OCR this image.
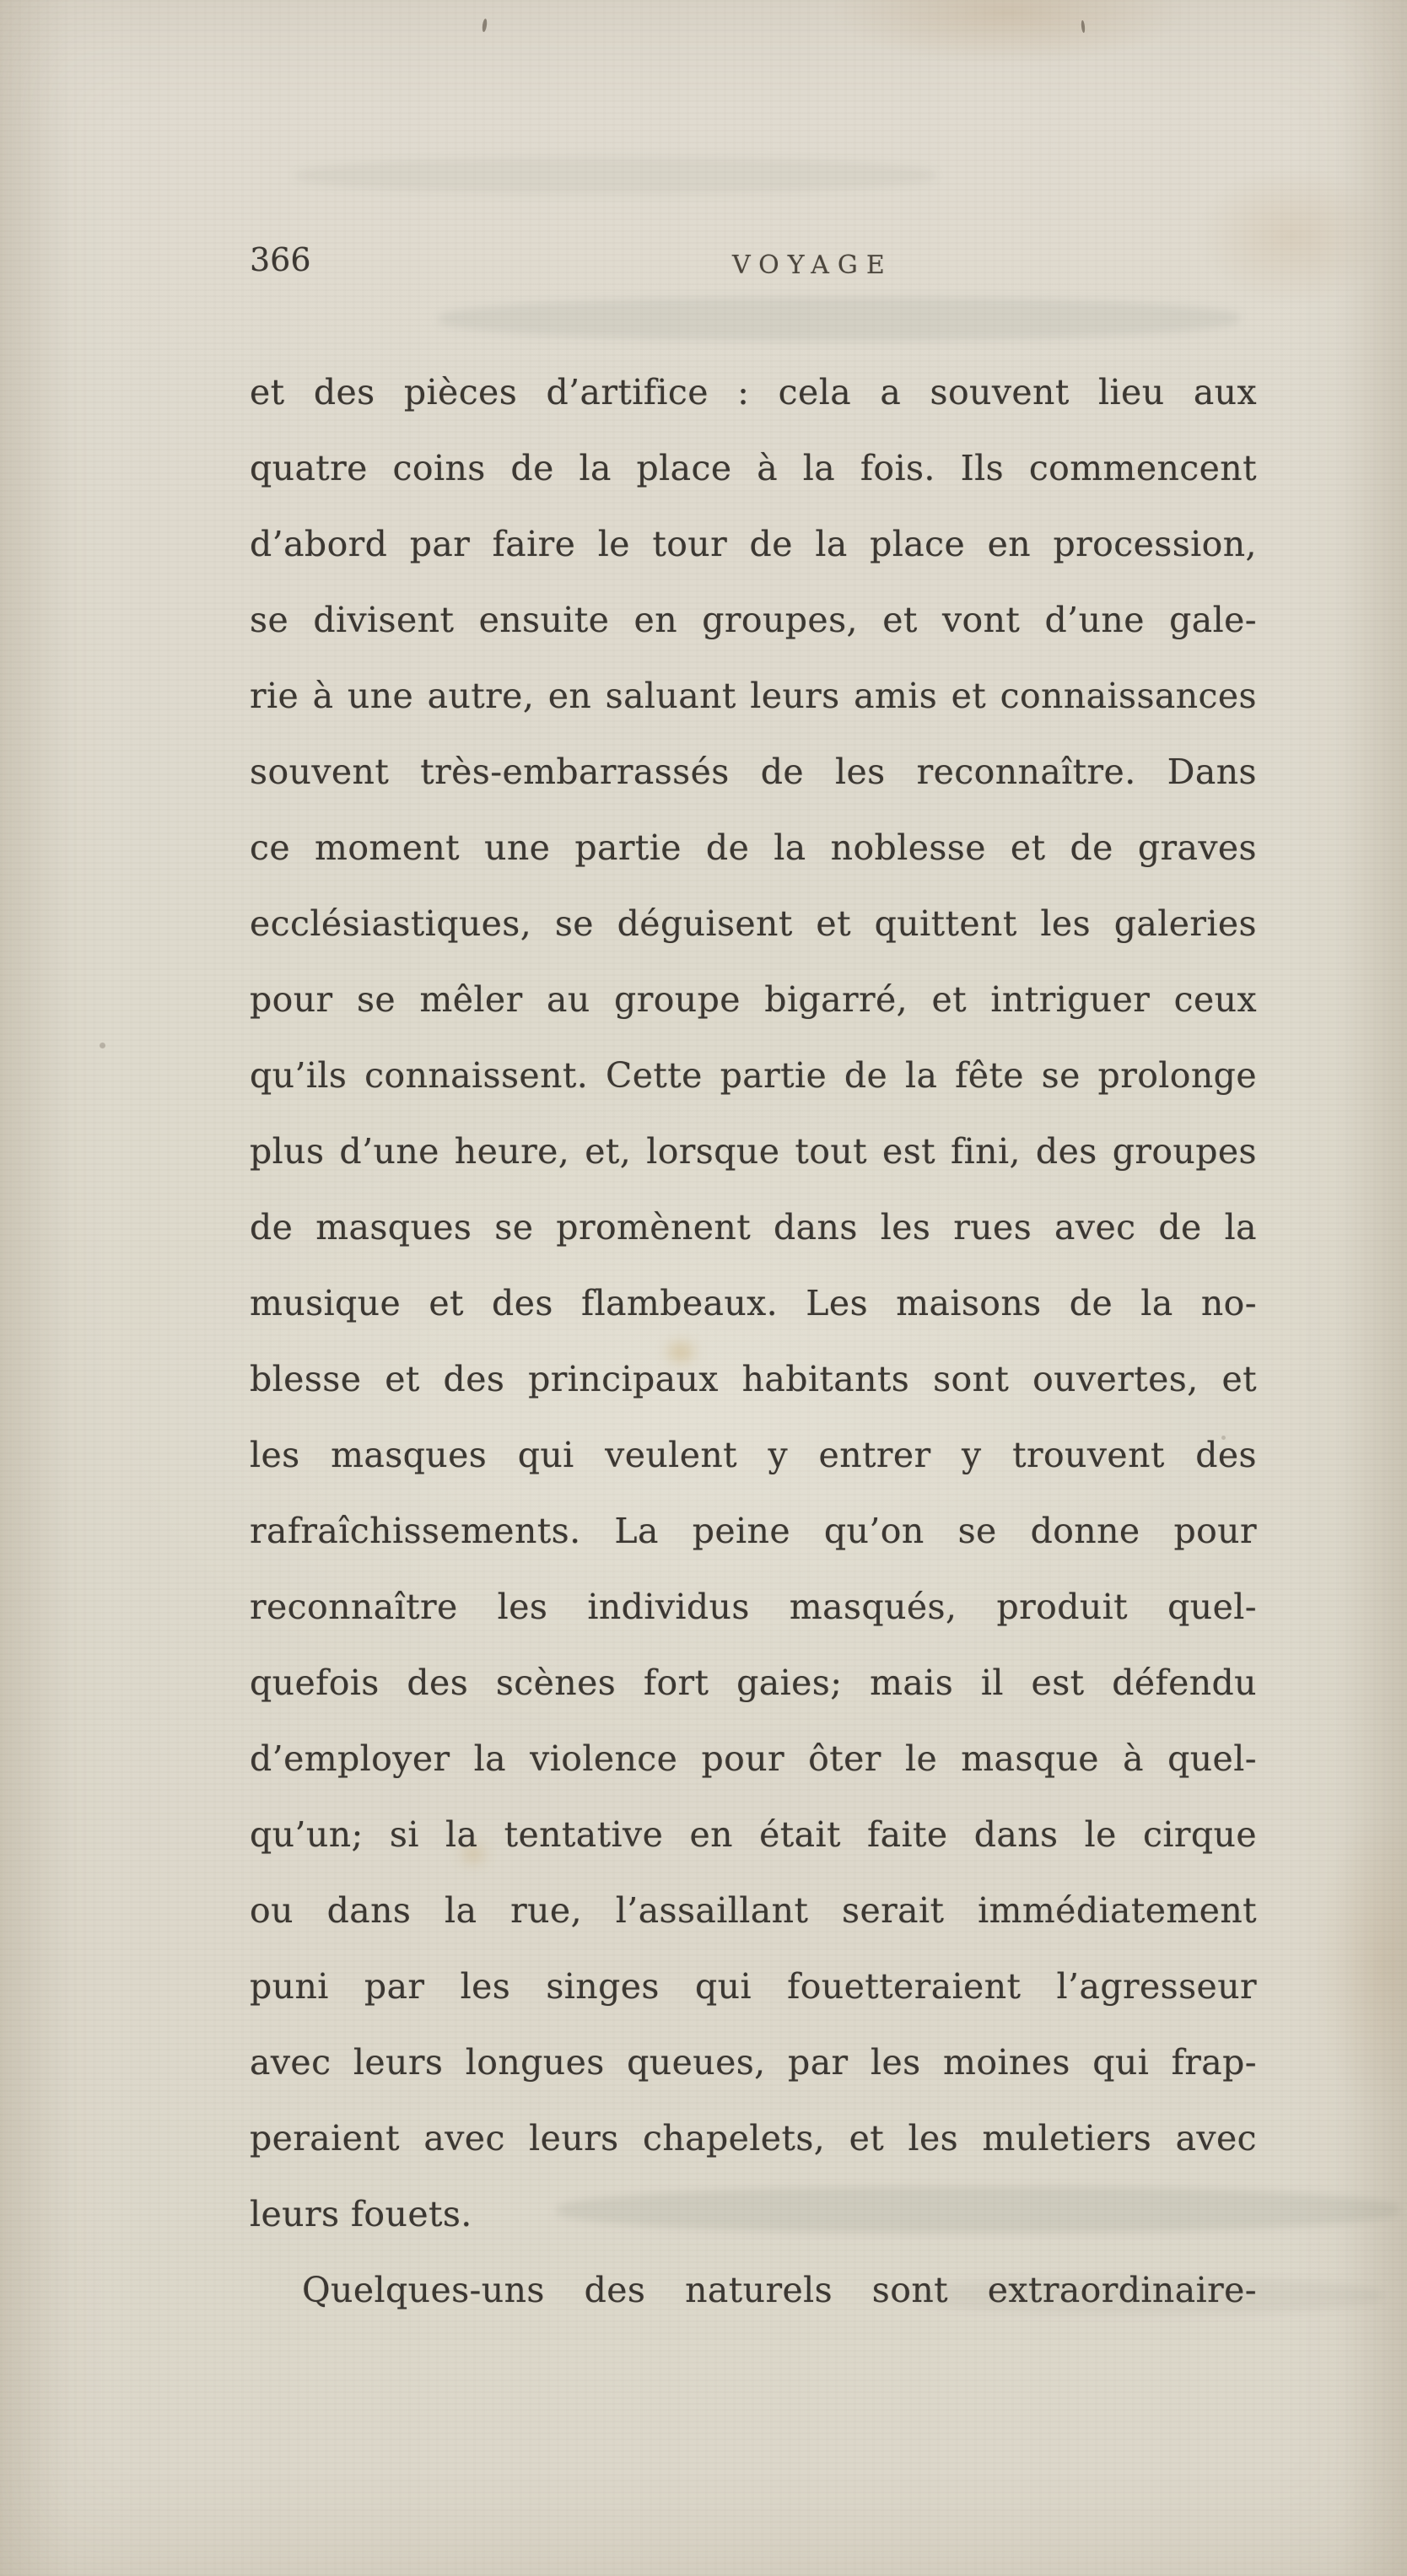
366	VOYAGE
et des pièces d’artifice : cela a souvent lieu aux
quatre coins de la place à la fois. Ils commencent
d’abord par faire le tour de la place en procession,
se divisent ensuite en groupes, et vont d’une gale-
rie à une autre, en saluant leurs amis et connaissances
souvent très-embarrassés de les reconnaître. Dans
ce moment une partie de la noblesse et de graves
ecclésiastiques, se déguisent et quittent les galeries
pour se mêler au groupe bigarré, et intriguer ceux
qu’ils connaissent. Cette partie de la fête se prolonge
plus d’une heure, et, lorsque tout est fini, des groupes
de masques se promènent dans les rues avec de la
musique et des flambeaux. Les maisons de la no-
blesse et des principaux habitants sont ouvertes, et
les masques qui veulent y entrer y trouvent des
rafraîchissements. La peine qu’on se donne pour
reconnaître les individus masqués, produit quel-
quefois des scènes fort gaies; mais il est défendu
d’employer la violence pour ôter le masque à quel-
qu’un; si la tentative en était faite dans le cirque
ou dans la rue, l’assaillant serait immédiatement
puni par les singes qui fouetteraient l’agresseur
avec leurs longues queues, par les moines qui frap-
peraient avec leurs chapelets, et les muletiers avec
leurs fouets.
Quelques-uns des naturels sont extraordinaire-
